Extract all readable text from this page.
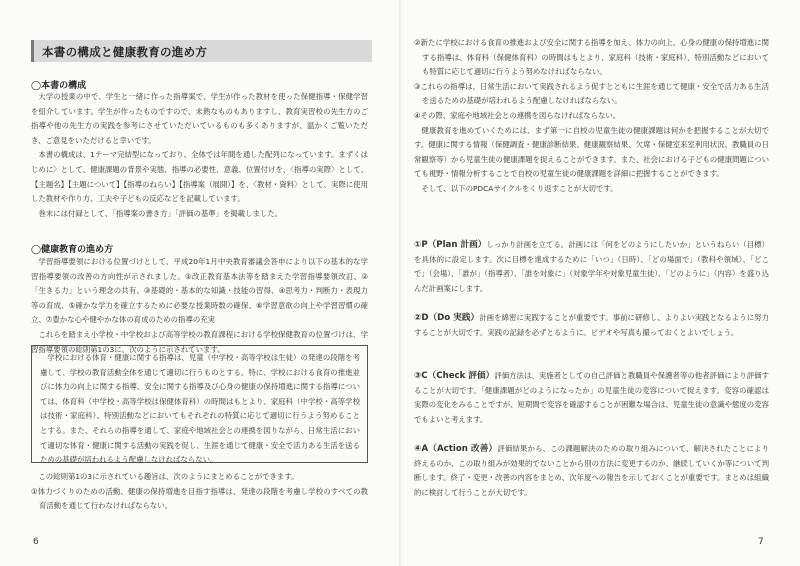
本書の構成と健康教育の進め方
◯本書の構成

大学の授業の中で、学生と一緒に作った指導案で、学生が作った教材を使った保健指導・保健学習を紹介しています。学生が作ったものですので、未熟なものもありますし、教育実習校の先生方のご指導や他の先生方の実践を参考にさせていただいているものも多くありますが、温かくご覧いただき、ご意見をいただけると幸いです。

本書の構成は、1テーマ完結型になっており、全体では年間を通した配列になっています。まずくはじめに〉として、健康課題の背景や実態、指導の必要性、意義、位置付けを、〈指導の実際〉として、【主題名】【主題について】【指導のねらい】【指導案（展開）】を、〈教材・資料〉として、実際に使用した教材や作り方、工夫や子どもの反応などを記載しています。

巻末には付録として、「指導案の書き方」「評価の基準」を掲載しました。

◯健康教育の進め方

学習指導要領における位置づけとして、平成20年1月中央教育審議会答申により以下の基本的な学習指導要領の改善の方向性が示されました。①改正教育基本法等を踏まえた学習指導要領改訂、②「生きる力」という理念の共有、③基礎的・基本的な知識・技能の習得、④思考力・判断力・表現力等の育成、⑤確かな学力を確立するために必要な授業時数の確保、⑥学習意欲の向上や学習習慣の確立、⑦豊かな心や健やかな体の育成のための指導の充実

これらを踏まえ小学校・中学校および高等学校の教育課程における学校保健教育の位置づけは、学習指導要領の総則第1の3に、次のように示されています。

学校における体育・健康に関する指導は、児童（中学校・高等学校は生徒）の発達の段階を考慮して、学校の教育活動全体を通じて適切に行うものとする。特に、学校における食育の推進並びに体力の向上に関する指導、安全に関する指導及び心身の健康の保持増進に関する指導については、体育科（中学校・高等学校は保健体育科）の時間はもとより、家庭科（中学校・高等学校は技術・家庭科）、特別活動などにおいてもそれぞれの特質に応じて適切に行うよう努めることとする。また、それらの指導を通して、家庭や地域社会との連携を図りながら、日常生活において適切な体育・健康に関する活動の実践を促し、生涯を通じて健康・安全で活力ある生活を送るための基礎が培われるよう配慮しなければならない。

この総則第1の3に示されている趣旨は、次のようにまとめることができます。

①体力づくりのための活動、健康の保持増進を目指す指導は、発達の段階を考慮し学校のすべての教育活動を通じて行わなければならない。

6

②新たに学校における食育の推進および安全に関する指導を加え、体力の向上、心身の健康の保持増進に関する指導は、体育科（保健体育科）の時間はもとより、家庭科（技術・家庭科）、特別活動などにおいても特質に応じて適切に行うよう努めなければならない。

③これらの指導は、日常生活において実践されるよう促すとともに生涯を通じて健康・安全で活力ある生活を送るための基礎が培われるよう配慮しなければならない。

④その際、家庭や地域社会との連携を図らなければならない。

健康教育を進めていくためには、まず第一に自校の児童生徒の健康課題は何かを把握することが大切です。健康に関する情報（保健調査・健康診断結果、健康観察結果、欠席・保健室来室利用状況、教職員の日常観察等）から児童生徒の健康課題を捉えることができます。また、社会における子どもの健康問題についても視野・情報分析することで自校の児童生徒の健康課題を詳細に把握することができます。

そして、以下のPDCAサイクルをくり返すことが大切です。

①P（Plan 計画）しっかり計画を立てる。計画には「何をどのようにしたいか」というねらい（目標）を具体的に設定します。次に目標を達成するために「いつ」（日時）、「どの場面で」（教科や領域）、「どこで」（会場）、「誰が」（指導者）、「誰を対象に」（対象学年や対象児童生徒）、「どのように」（内容）を盛り込んだ計画案にします。
②D（Do 実践）計画を綿密に実践することが重要です。事前に研修し、よりよい実践となるように努力することが大切です。実践の記録を必ずとるように。ビデオや写真も撮っておくとよいでしょう。
③C（Check 評価）評価方法は、実施者としての自己評価と教職員や保護者等の他者評価により評価することが大切です。「健康課題がどのようになったか」の児童生徒の変容について捉えます。変容の確認は実際の変化をみることですが、短期間で変容を確認することが困難な場合は、児童生徒の意識や態度の変容でもよいと考えます。
④A（Action 改善）評価結果から、この課題解決のための取り組みについて、解決されたことにより終えるのか、この取り組みが効果的でないことから別の方法に変更するのか、継続していくか等について判断します。終了・変更・改善の内容をまとめ、次年度への報告を示しておくことが重要です。まとめは組織的に検討して行うことが大切です。
7
